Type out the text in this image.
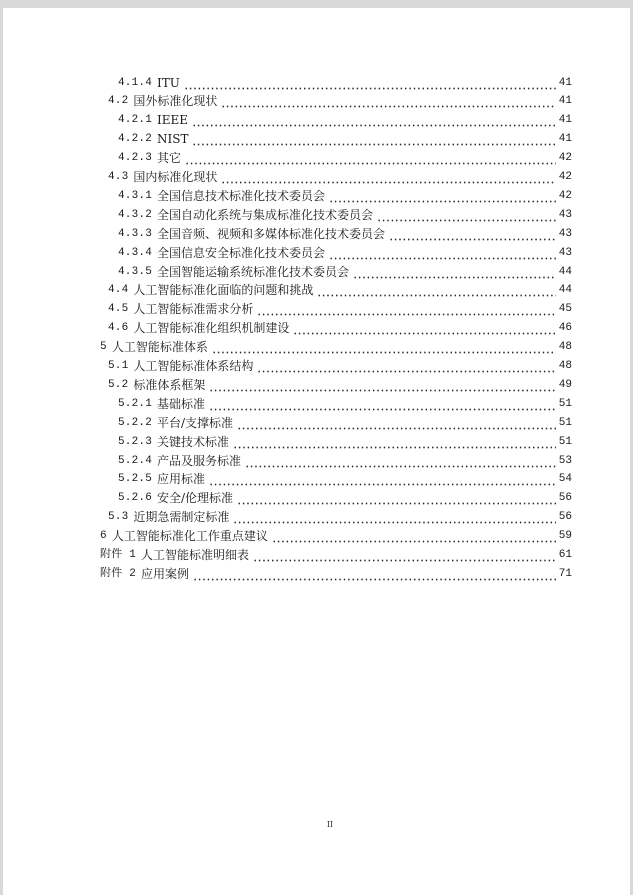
4.1.4 ITU	41
4.2 国外标准化现状	41
4.2.1 IEEE	41
4.2.2 NIST	41
4.2.3 其它	42
4.3 国内标准化现状	42
4.3.1 全国信息技术标准化技术委员会	42
4.3.2 全国自动化系统与集成标准化技术委员会	43
4.3.3 全国音频、视频和多媒体标准化技术委员会	43
4.3.4 全国信息安全标准化技术委员会	43
4.3.5 全国智能运输系统标准化技术委员会	44
4.4 人工智能标准化面临的问题和挑战	44
4.5 人工智能标准需求分析	45
4.6 人工智能标准化组织机制建设	46
5 人工智能标准体系	48
5.1 人工智能标准体系结构	48
5.2 标准体系框架	49
5.2.1 基础标准	51
5.2.2 平台/支撑标准	51
5.2.3 关键技术标准	51
5.2.4 产品及服务标准	53
5.2.5 应用标准	54
5.2.6 安全/伦理标准	56
5.3 近期急需制定标准	56
6 人工智能标准化工作重点建议	59
附件 1 人工智能标准明细表	61
附件 2 应用案例	71
II
